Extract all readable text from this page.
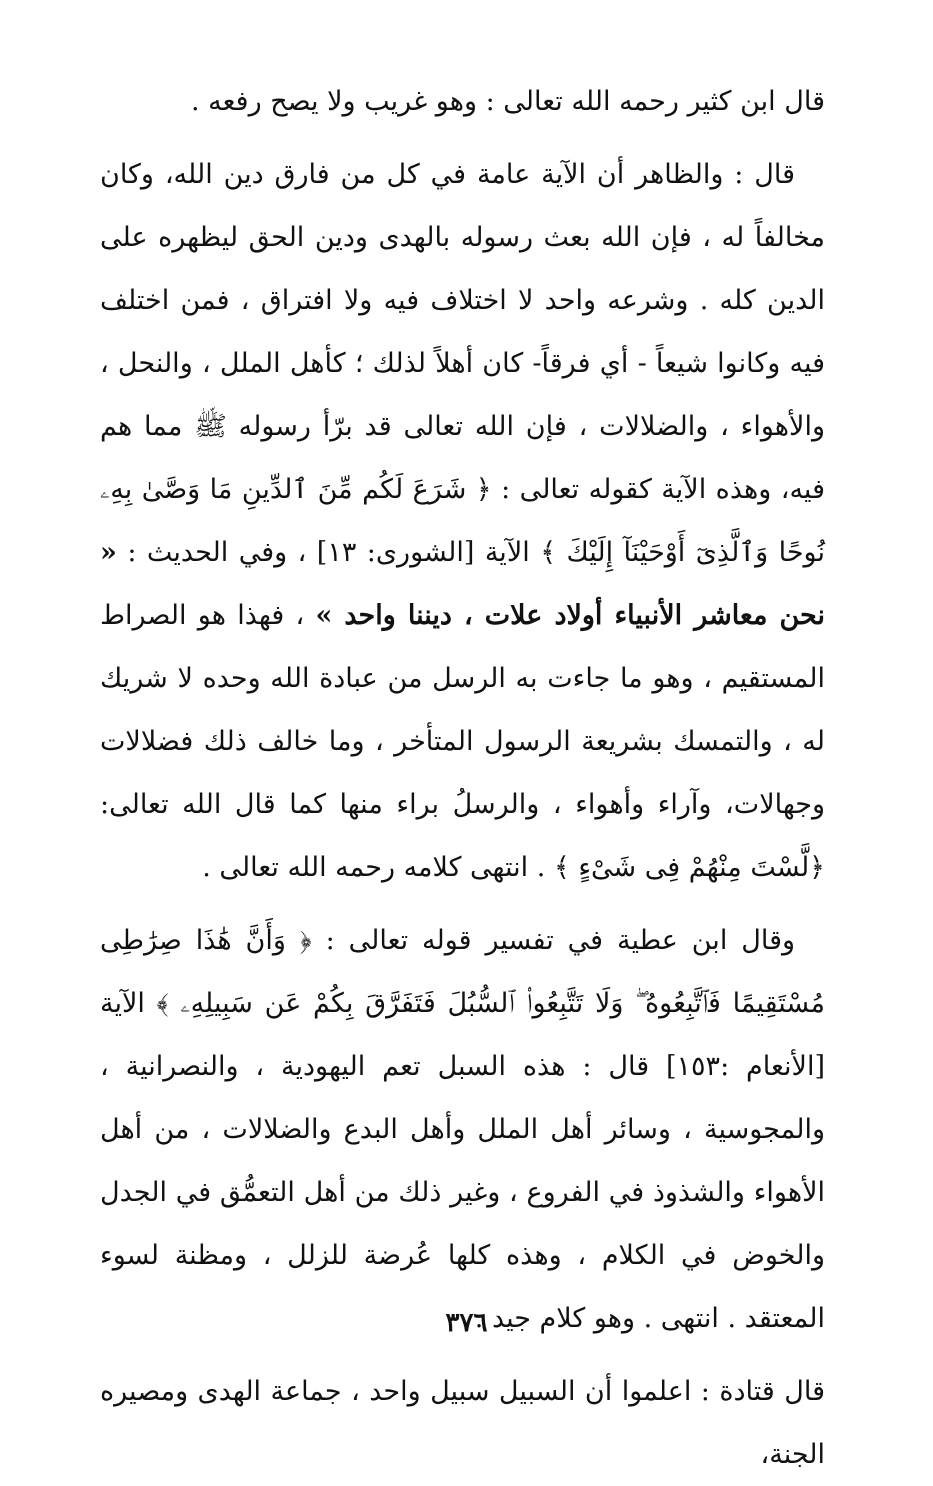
قال ابن كثير رحمه الله تعالى : وهو غريب ولا يصح رفعه .

قال : والظاهر أن الآية عامة في كل من فارق دين الله، وكان مخالفاً له ، فإن الله بعث رسوله بالهدى ودين الحق ليظهره على الدين كله . وشرعه واحد لا اختلاف فيه ولا افتراق ، فمن اختلف فيه وكانوا شيعاً - أي فرقاً- كان أهلاً لذلك ؛ كأهل الملل ، والنحل ، والأهواء ، والضلالات ، فإن الله تعالى قد برّأ رسوله ﷺ مما هم فيه، وهذه الآية كقوله تعالى : ﴿ شَرَعَ لَكُم مِّنَ ٱلدِّينِ مَا وَصَّىٰ بِهِۦ نُوحًا وَٱلَّذِىٓ أَوْحَيْنَآ إِلَيْكَ ﴾ الآية [الشورى: ١٣] ، وفي الحديث : « نحن معاشر الأنبياء أولاد علات ، ديننا واحد » ، فهذا هو الصراط المستقيم ، وهو ما جاءت به الرسل من عبادة الله وحده لا شريك له ، والتمسك بشريعة الرسول المتأخر ، وما خالف ذلك فضلالات وجهالات، وآراء وأهواء ، والرسلُ براء منها كما قال الله تعالى: ﴿لَّسْتَ مِنْهُمْ فِى شَىْءٍ ﴾ . انتهى كلامه رحمه الله تعالى .

وقال ابن عطية في تفسير قوله تعالى : ﴿ وَأَنَّ هَٰذَا صِرَٰطِى مُسْتَقِيمًا فَٱتَّبِعُوهُ ۖ وَلَا تَتَّبِعُوا۟ ٱلسُّبُلَ فَتَفَرَّقَ بِكُمْ عَن سَبِيلِهِۦ ﴾ الآية [الأنعام :١٥٣] قال : هذه السبل تعم اليهودية ، والنصرانية ، والمجوسية ، وسائر أهل الملل وأهل البدع والضلالات ، من أهل الأهواء والشذوذ في الفروع ، وغير ذلك من أهل التعمُّق في الجدل والخوض في الكلام ، وهذه كلها عُرضة للزلل ، ومظنة لسوء المعتقد . انتهى . وهو كلام جيد .

قال قتادة : اعلموا أن السبيل سبيل واحد ، جماعة الهدى ومصيره الجنة،

٣٧٦
